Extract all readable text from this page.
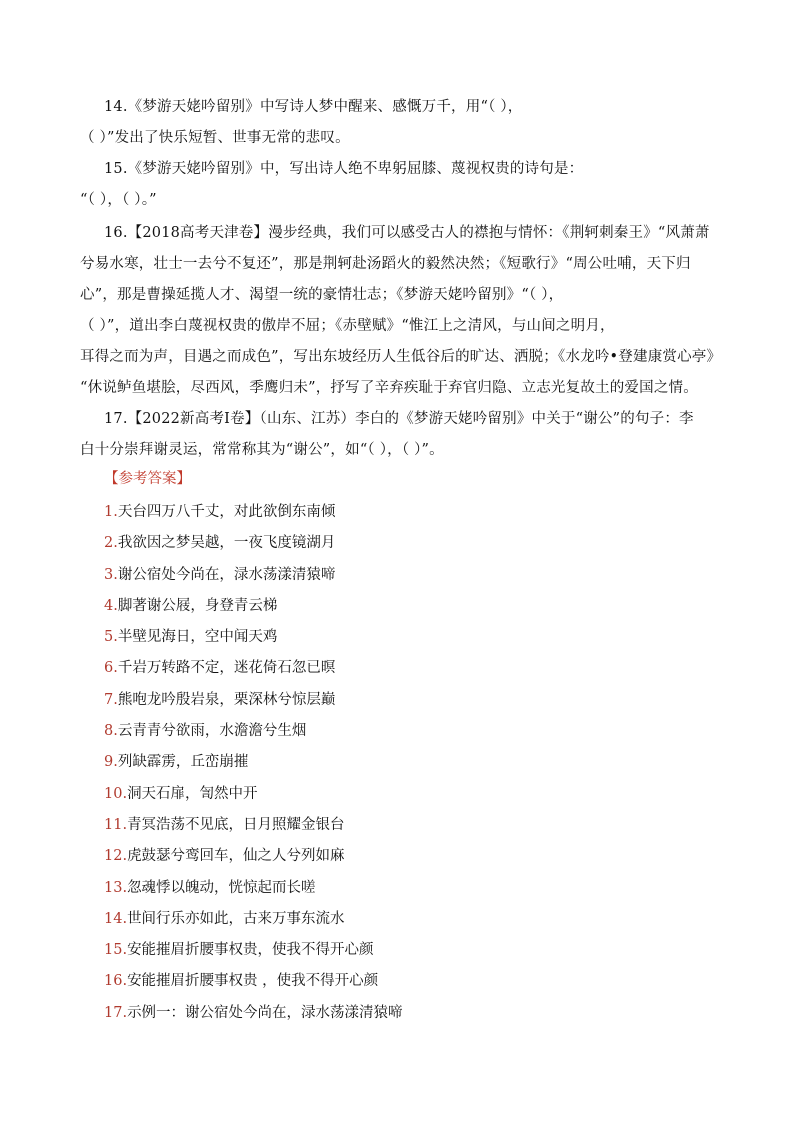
14.《梦游天姥吟留别》中写诗人梦中醒来、感慨万千，用“（ ），
（ ）”发出了快乐短暂、世事无常的悲叹。
15.《梦游天姥吟留别》中，写出诗人绝不卑躬屈膝、蔑视权贵的诗句是：
“（ ），（ ）。”
16.【2018高考天津卷】漫步经典，我们可以感受古人的襟抱与情怀：《荆轲刺秦王》“风萧萧
兮易水寒，壮士一去兮不复还”，那是荆轲赴汤蹈火的毅然决然；《短歌行》“周公吐哺，天下归
心”，那是曹操延揽人才、渴望一统的豪情壮志；《梦游天姥吟留别》“（ ），
（ ）”，道出李白蔑视权贵的傲岸不屈；《赤壁赋》“惟江上之清风，与山间之明月，
耳得之而为声，目遇之而成色”，写出东坡经历人生低谷后的旷达、洒脱；《水龙吟•登建康赏心亭》
“休说鲈鱼堪脍，尽西风，季鹰归未”，抒写了辛弃疾耻于弃官归隐、立志光复故土的爱国之情。
17.【2022新高考Ⅰ卷】（山东、江苏）李白的《梦游天姥吟留别》中关于“谢公”的句子：李
白十分崇拜谢灵运，常常称其为“谢公”，如“（ ），（ ）”。
【参考答案】
1.天台四万八千丈，对此欲倒东南倾
2.我欲因之梦吴越，一夜飞度镜湖月
3.谢公宿处今尚在，渌水荡漾清猿啼
4.脚著谢公屐，身登青云梯
5.半壁见海日，空中闻天鸡
6.千岩万转路不定，迷花倚石忽已暝
7.熊咆龙吟殷岩泉，栗深林兮惊层巅
8.云青青兮欲雨，水澹澹兮生烟
9.列缺霹雳，丘峦崩摧
10.洞天石扉，訇然中开
11.青冥浩荡不见底，日月照耀金银台
12.虎鼓瑟兮鸾回车，仙之人兮列如麻
13.忽魂悸以魄动，恍惊起而长嗟
14.世间行乐亦如此，古来万事东流水
15.安能摧眉折腰事权贵，使我不得开心颜
16.安能摧眉折腰事权贵 ，使我不得开心颜
17.示例一：谢公宿处今尚在，渌水荡漾清猿啼
